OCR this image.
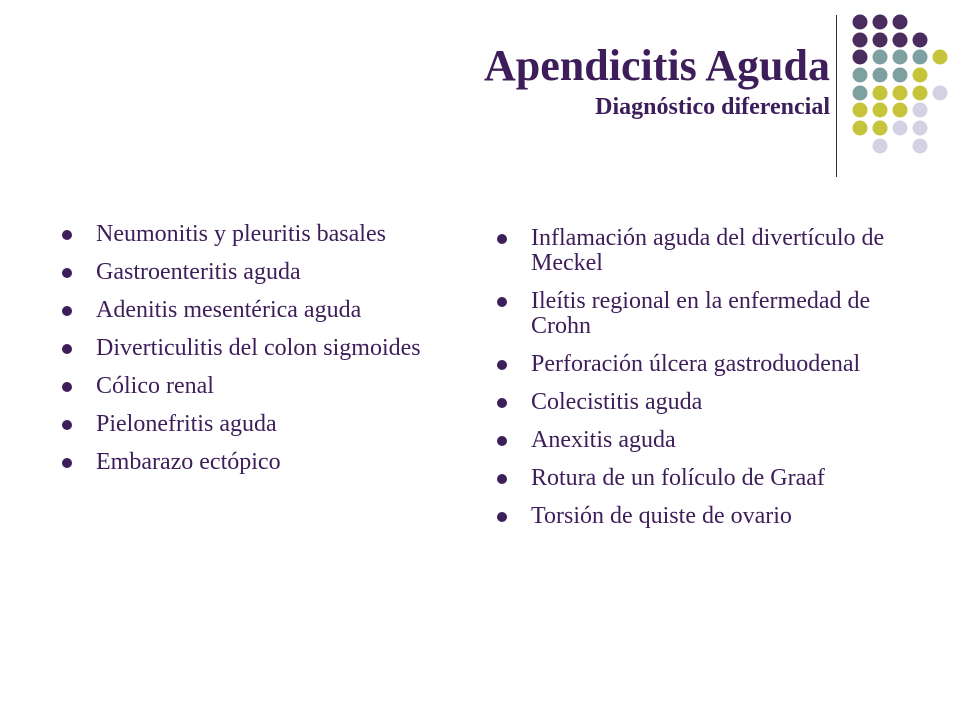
Apendicitis Aguda
Diagnóstico diferencial
Neumonitis y pleuritis basales
Gastroenteritis aguda
Adenitis mesentérica aguda
Diverticulitis del colon sigmoides
Cólico renal
Pielonefritis aguda
Embarazo ectópico
Inflamación aguda del divertículo de Meckel
Ileítis regional en la enfermedad de Crohn
Perforación úlcera gastroduodenal
Colecistitis aguda
Anexitis aguda
Rotura de un folículo de Graaf
Torsión de quiste de ovario
